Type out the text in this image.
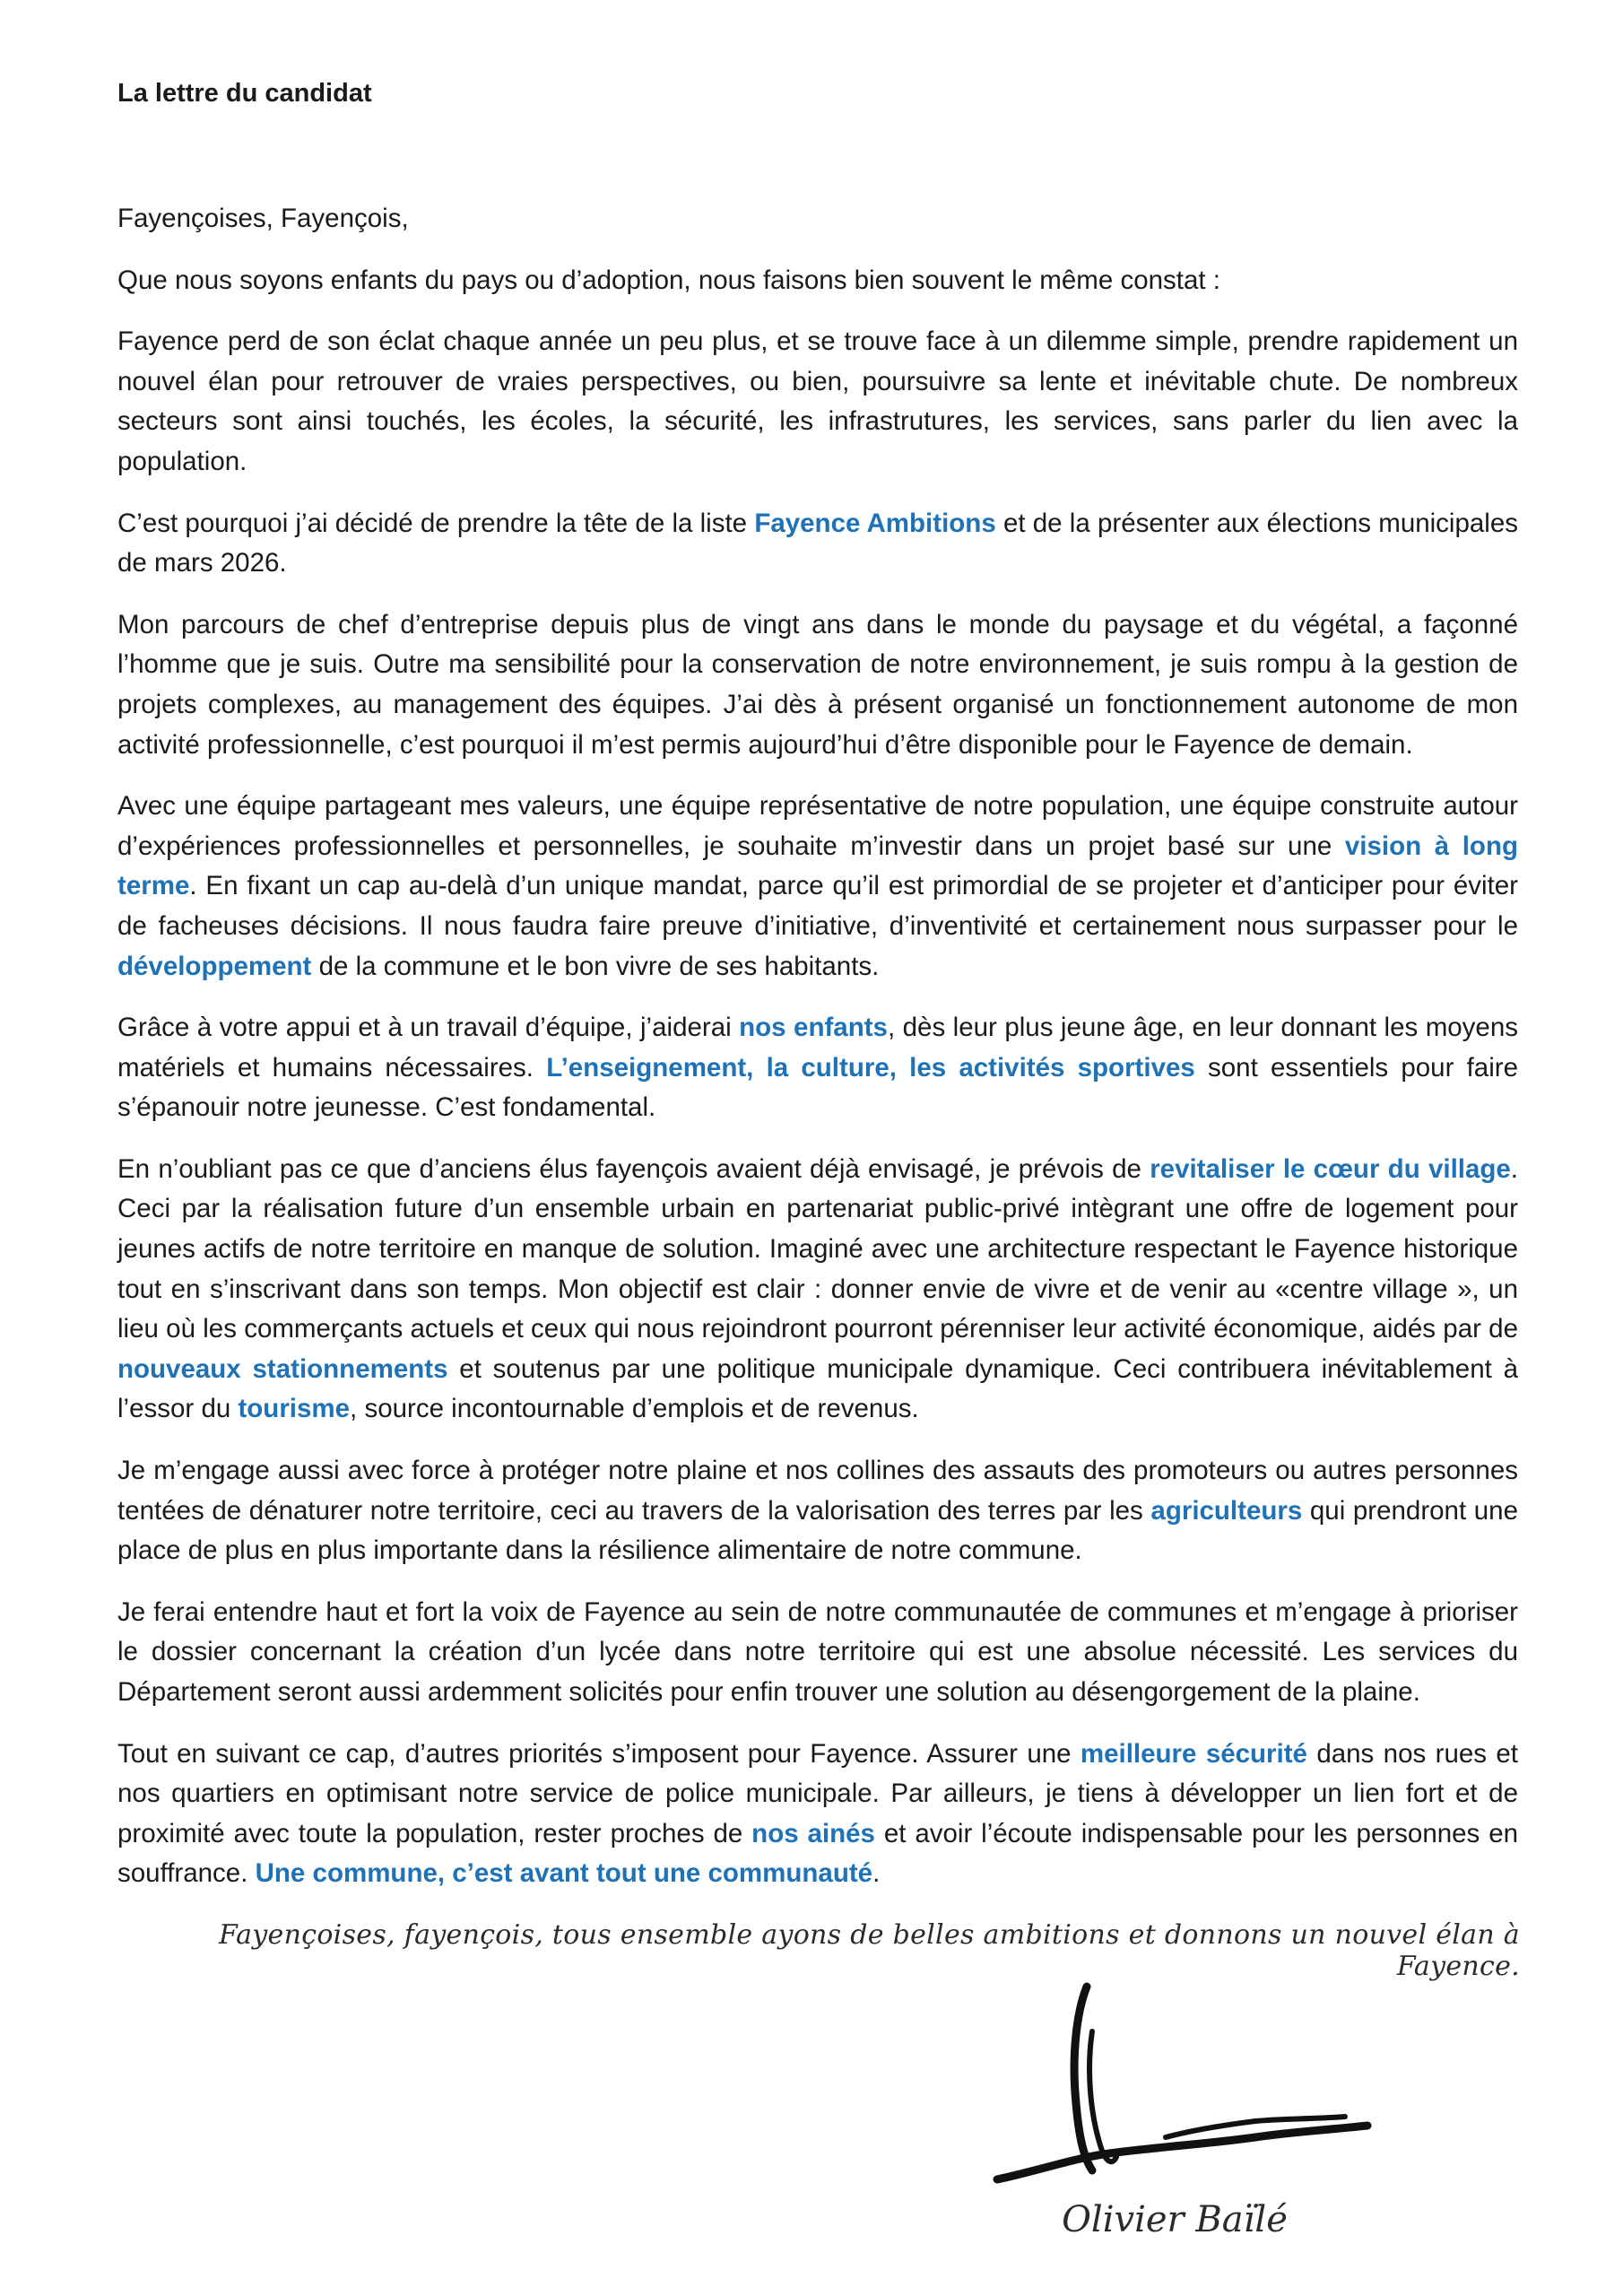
La lettre du candidat

Fayençoises, Fayençois,

Que nous soyons enfants du pays ou d’adoption, nous faisons bien souvent le même constat :

Fayence perd de son éclat chaque année un peu plus, et se trouve face à un dilemme simple, prendre rapidement un nouvel élan pour retrouver de vraies perspectives, ou bien, poursuivre sa lente et inévitable chute. De nombreux secteurs sont ainsi touchés, les écoles, la sécurité, les infrastrutures, les services, sans parler du lien avec la population.

C’est pourquoi j’ai décidé de prendre la tête de la liste Fayence Ambitions et de la présenter aux élections municipales de mars 2026.

Mon parcours de chef d’entreprise depuis plus de vingt ans dans le monde du paysage et du végétal, a façonné l’homme que je suis. Outre ma sensibilité pour la conservation de notre environnement, je suis rompu à la gestion de projets complexes, au management des équipes. J’ai dès à présent organisé un fonctionnement autonome de mon activité professionnelle, c’est pourquoi il m’est permis aujourd’hui d’être disponible pour le Fayence de demain.

Avec une équipe partageant mes valeurs, une équipe représentative de notre population, une équipe construite autour d’expériences professionnelles et personnelles, je souhaite m’investir dans un projet basé sur une vision à long terme. En fixant un cap au-delà d’un unique mandat, parce qu’il est primordial de se projeter et d’anticiper pour éviter de facheuses décisions. Il nous faudra faire preuve d’initiative, d’inventivité et certainement nous surpasser pour le développement de la commune et le bon vivre de ses habitants.

Grâce à votre appui et à un travail d’équipe, j’aiderai nos enfants, dès leur plus jeune âge, en leur donnant les moyens matériels et humains nécessaires. L’enseignement, la culture, les activités sportives sont essentiels pour faire s’épanouir notre jeunesse. C’est fondamental.

En n’oubliant pas ce que d’anciens élus fayençois avaient déjà envisagé, je prévois de revitaliser le cœur du village. Ceci par la réalisation future d’un ensemble urbain en partenariat public-privé intègrant une offre de logement pour jeunes actifs de notre territoire en manque de solution. Imaginé avec une architecture respectant le Fayence historique tout en s’inscrivant dans son temps. Mon objectif est clair : donner envie de vivre et de venir au «centre village », un lieu où les commerçants actuels et ceux qui nous rejoindront pourront pérenniser leur activité économique, aidés par de nouveaux stationnements et soutenus par une politique municipale dynamique. Ceci contribuera inévitablement à l’essor du tourisme, source incontournable d’emplois et de revenus.

Je m’engage aussi avec force à protéger notre plaine et nos collines des assauts des promoteurs ou autres personnes tentées de dénaturer notre territoire, ceci au travers de la valorisation des terres par les agriculteurs qui prendront une place de plus en plus importante dans la résilience alimentaire de notre commune.

Je ferai entendre haut et fort la voix de Fayence au sein de notre communautée de communes et m’engage à prioriser le dossier concernant la création d’un lycée dans notre territoire qui est une absolue nécessité. Les services du Département seront aussi ardemment solicités pour enfin trouver une solution au désengorgement de la plaine.

Tout en suivant ce cap, d’autres priorités s’imposent pour Fayence. Assurer une meilleure sécurité dans nos rues et nos quartiers en optimisant notre service de police municipale. Par ailleurs, je tiens à développer un lien fort et de proximité avec toute la population, rester proches de nos ainés et avoir l’écoute indispensable pour les personnes en souffrance. Une commune, c’est avant tout une communauté.

Fayençoises, fayençois, tous ensemble ayons de belles ambitions et donnons un nouvel élan à Fayence.
Olivier Baïlé
